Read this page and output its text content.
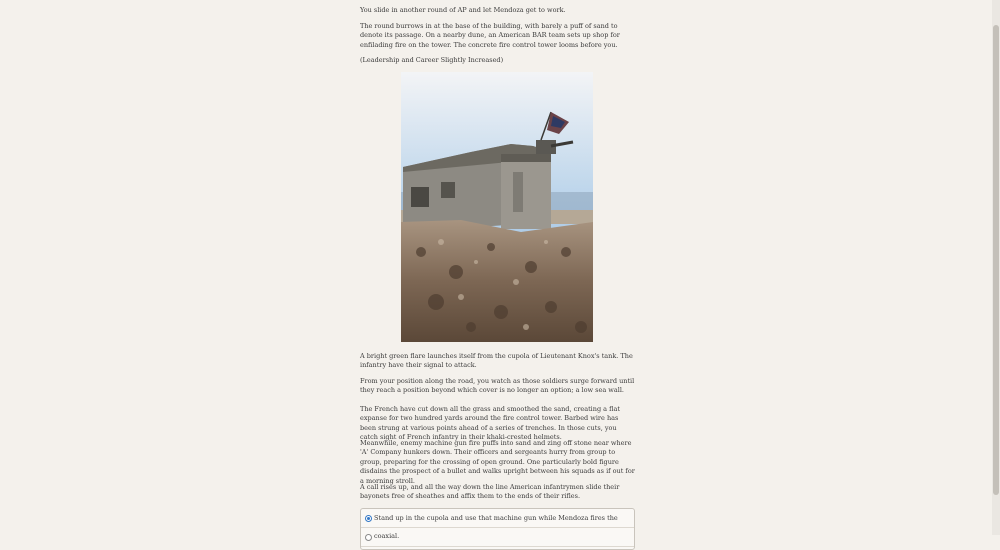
You slide in another round of AP and let Mendoza get to work.

The round burrows in at the base of the building, with barely a puff of sand to denote its passage. On a nearby dune, an American BAR team sets up shop for enfilading fire on the tower. The concrete fire control tower looms before you.

(Leadership and Career Slightly Increased)

A bright green flare launches itself from the cupola of Lieutenant Knox's tank. The infantry have their signal to attack.

From your position along the road, you watch as those soldiers surge forward until they reach a position beyond which cover is no longer an option; a low sea wall.

The French have cut down all the grass and smoothed the sand, creating a flat expanse for two hundred yards around the fire control tower. Barbed wire has been strung at various points ahead of a series of trenches. In those cuts, you catch sight of French infantry in their khaki-crested helmets.

Meanwhile, enemy machine gun fire puffs into sand and zing off stone near where 'A' Company hunkers down. Their officers and sergeants hurry from group to group, preparing for the crossing of open ground. One particularly bold figure disdains the prospect of a bullet and walks upright between his squads as if out for a morning stroll.

A call rises up, and all the way down the line American infantrymen slide their bayonets free of sheathes and affix them to the ends of their rifles.

Stand up in the cupola and use that machine gun while Mendoza fires the coaxial.
